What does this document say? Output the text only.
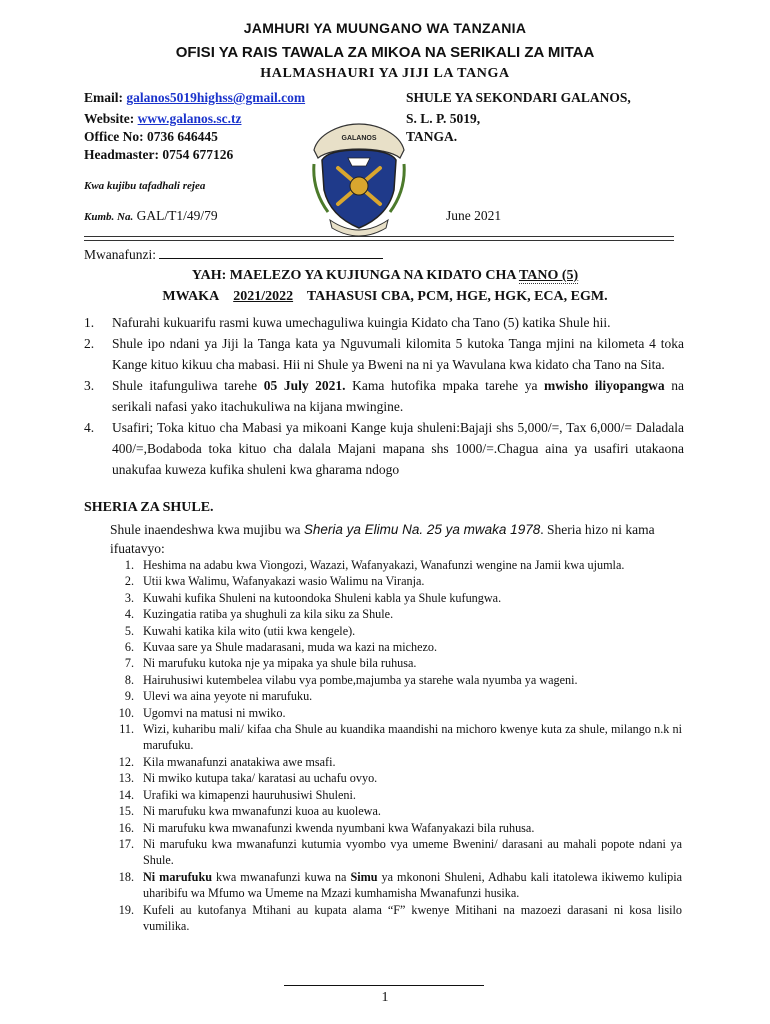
JAMHURI YA MUUNGANO WA TANZANIA
OFISI YA RAIS TAWALA ZA MIKOA NA SERIKALI ZA MITAA
HALMASHAURI YA JIJI LA TANGA
Email: galanos5019highss@gmail.com
Website: www.galanos.sc.tz
Office No: 0736 646445
Headmaster: 0754 677126
SHULE YA SEKONDARI GALANOS,
S. L. P. 5019,
TANGA.
GALANOS
Kwa kujibu tafadhali rejea
Kumb. Na. GAL/T1/49/79	June 2021
Mwanafunzi:
YAH: MAELEZO YA KUJIUNGA NA KIDATO CHA TANO (5)
MWAKA 2021/2022 TAHASUSI CBA, PCM, HGE, HGK, ECA, EGM.
1. Nafurahi kukuarifu rasmi kuwa umechaguliwa kuingia Kidato cha Tano (5) katika Shule hii.
2. Shule ipo ndani ya Jiji la Tanga kata ya Nguvumali kilomita 5 kutoka Tanga mjini na kilometa 4 toka Kange kituo kikuu cha mabasi. Hii ni Shule ya Bweni na ni ya Wavulana kwa kidato cha Tano na Sita.
3. Shule itafunguliwa tarehe 05 July 2021. Kama hutofika mpaka tarehe ya mwisho iliyopangwa na serikali nafasi yako itachukuliwa na kijana mwingine.
4. Usafiri; Toka kituo cha Mabasi ya mikoani Kange kuja shuleni:Bajaji shs 5,000/=, Tax 6,000/= Daladala 400/=,Bodaboda toka kituo cha dalala Majani mapana shs 1000/=.Chagua aina ya usafiri utakaona unakufaa kuweza kufika shuleni kwa gharama ndogo
SHERIA ZA SHULE.
Shule inaendeshwa kwa mujibu wa Sheria ya Elimu Na. 25 ya mwaka 1978. Sheria hizo ni kama ifuatavyo:
1. Heshima na adabu kwa Viongozi, Wazazi, Wafanyakazi, Wanafunzi wengine na Jamii kwa ujumla.
2. Utii kwa Walimu, Wafanyakazi wasio Walimu na Viranja.
3. Kuwahi kufika Shuleni na kutoondoka Shuleni kabla ya Shule kufungwa.
4. Kuzingatia ratiba ya shughuli za kila siku za Shule.
5. Kuwahi katika kila wito (utii kwa kengele).
6. Kuvaa sare ya Shule madarasani, muda wa kazi na michezo.
7. Ni marufuku kutoka nje ya mipaka ya shule bila ruhusa.
8. Hairuhusiwi kutembelea vilabu vya pombe,majumba ya starehe wala nyumba ya wageni.
9. Ulevi wa aina yeyote ni marufuku.
10. Ugomvi na matusi ni mwiko.
11. Wizi, kuharibu mali/ kifaa cha Shule au kuandika maandishi na michoro kwenye kuta za shule, milango n.k ni marufuku.
12. Kila mwanafunzi anatakiwa awe msafi.
13. Ni mwiko kutupa taka/ karatasi au uchafu ovyo.
14. Urafiki wa kimapenzi hauruhusiwi Shuleni.
15. Ni marufuku kwa mwanafunzi kuoa au kuolewa.
16. Ni marufuku kwa mwanafunzi kwenda nyumbani kwa Wafanyakazi bila ruhusa.
17. Ni marufuku kwa mwanafunzi kutumia vyombo vya umeme Bwenini/ darasani au mahali popote ndani ya Shule.
18. Ni marufuku kwa mwanafunzi kuwa na Simu ya mkononi Shuleni, Adhabu kali itatolewa ikiwemo kulipia uharibifu wa Mfumo wa Umeme na Mzazi kumhamisha Mwanafunzi husika.
19. Kufeli au kutofanya Mtihani au kupata alama “F” kwenye Mitihani na mazoezi darasani ni kosa lisilo vumilika.
1
